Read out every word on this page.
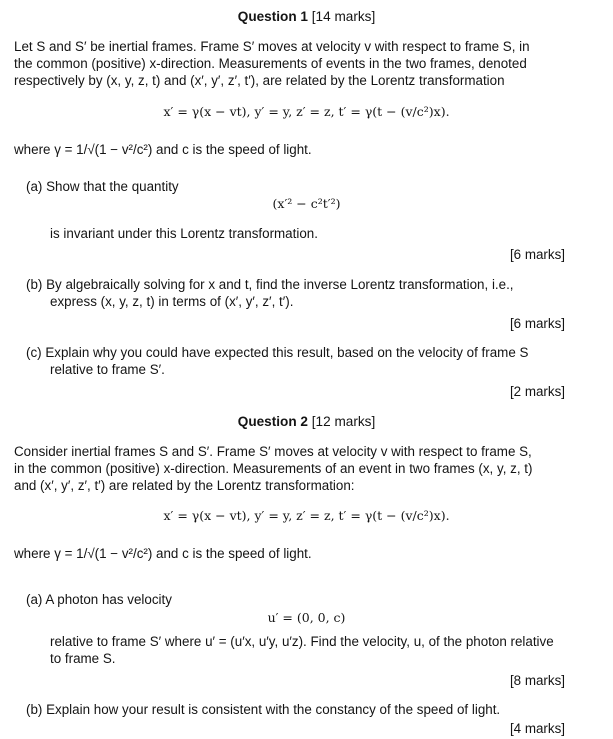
Question 1 [14 marks]
Let S and S′ be inertial frames. Frame S′ moves at velocity v with respect to frame S, in
the common (positive) x-direction. Measurements of events in the two frames, denoted
respectively by (x, y, z, t) and (x′, y′, z′, t′), are related by the Lorentz transformation
x′ = γ(x − vt), y′ = y, z′ = z, t′ = γ(t − (v/c²)x).
where γ = 1/√(1 − v²/c²) and c is the speed of light.
(a) Show that the quantity
(x′² − c²t′²)
is invariant under this Lorentz transformation.
[6 marks]
(b) By algebraically solving for x and t, find the inverse Lorentz transformation, i.e.,
express (x, y, z, t) in terms of (x′, y′, z′, t′).
[6 marks]
(c) Explain why you could have expected this result, based on the velocity of frame S
relative to frame S′.
[2 marks]
Question 2 [12 marks]
Consider inertial frames S and S′. Frame S′ moves at velocity v with respect to frame S,
in the common (positive) x-direction. Measurements of an event in two frames (x, y, z, t)
and (x′, y′, z′, t′) are related by the Lorentz transformation:
x′ = γ(x − vt), y′ = y, z′ = z, t′ = γ(t − (v/c²)x).
where γ = 1/√(1 − v²/c²) and c is the speed of light.
(a) A photon has velocity
u′ = (0, 0, c)
relative to frame S′ where u′ = (u′x, u′y, u′z). Find the velocity, u, of the photon relative
to frame S.
[8 marks]
(b) Explain how your result is consistent with the constancy of the speed of light.
[4 marks]
